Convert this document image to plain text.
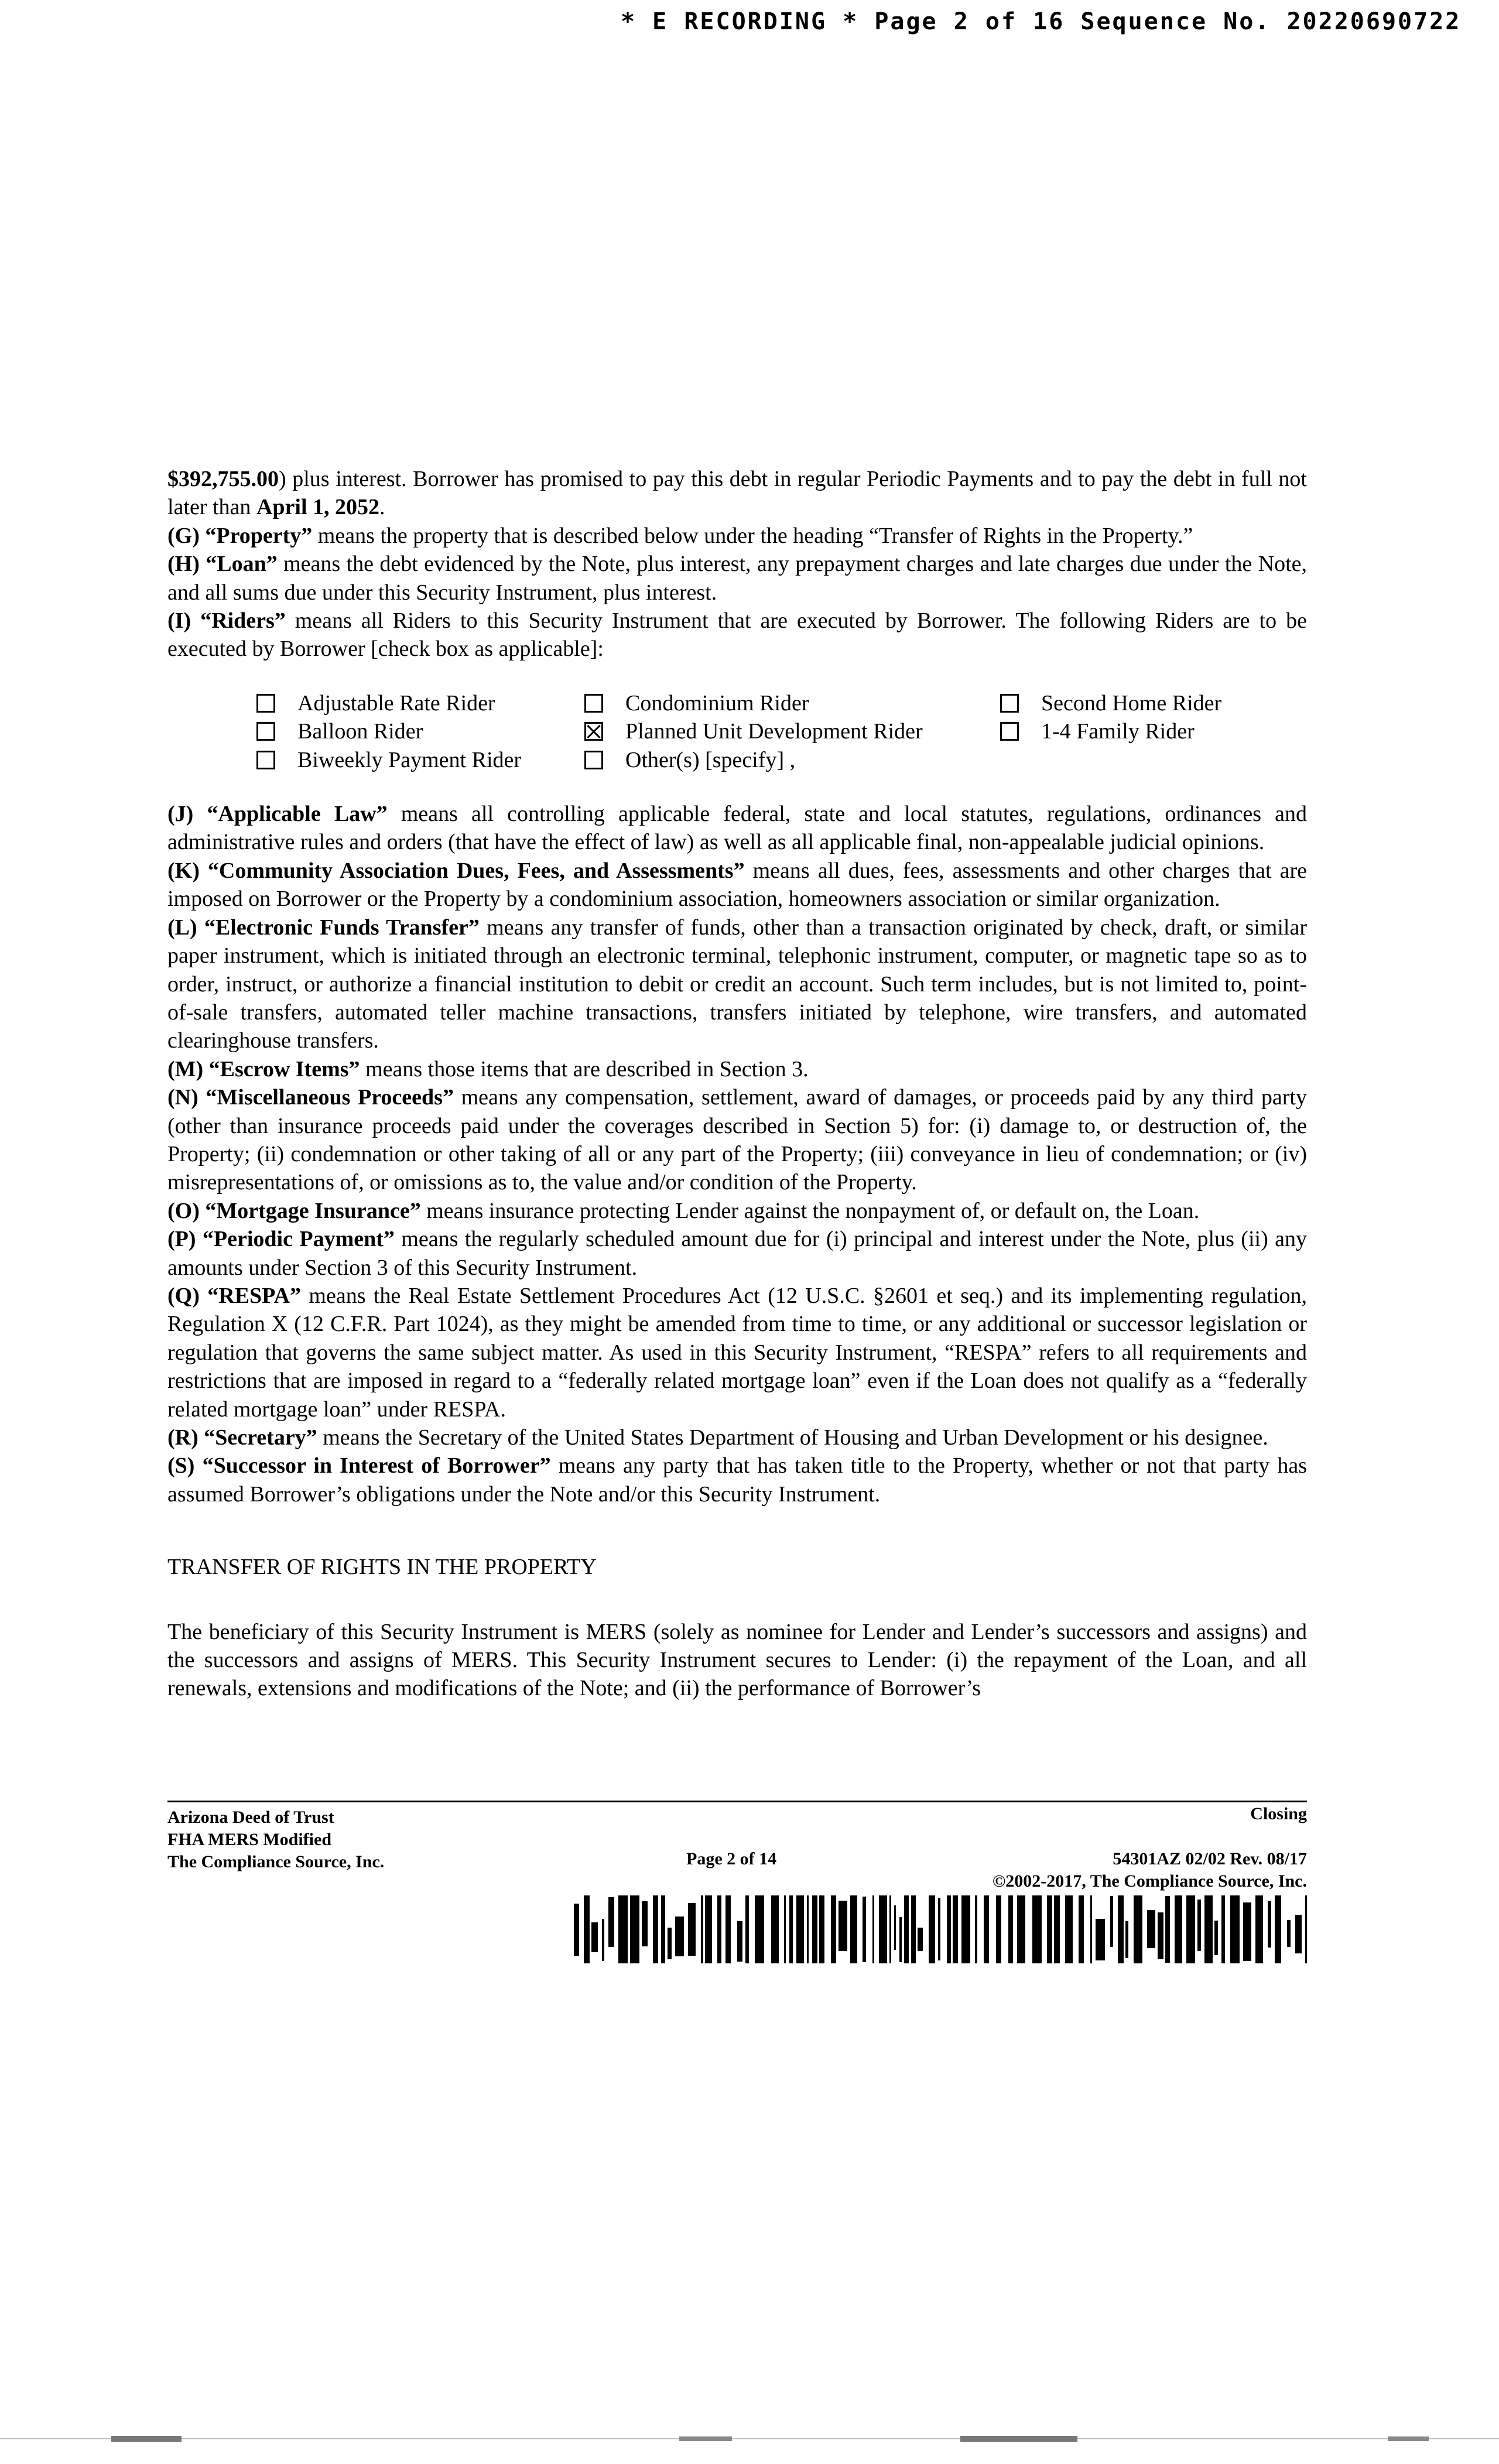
* E RECORDING * Page 2 of 16 Sequence No. 20220690722

$392,755.00) plus interest. Borrower has promised to pay this debt in regular Periodic Payments and to pay the debt in full not later than April 1, 2052.

(G) “Property” means the property that is described below under the heading “Transfer of Rights in the Property.”

(H) “Loan” means the debt evidenced by the Note, plus interest, any prepayment charges and late charges due under the Note, and all sums due under this Security Instrument, plus interest.

(I) “Riders” means all Riders to this Security Instrument that are executed by Borrower. The following Riders are to be executed by Borrower [check box as applicable]:

Adjustable Rate Rider	Condominium Rider	Second Home Rider
Balloon Rider	Planned Unit Development Rider	1-4 Family Rider
Biweekly Payment Rider	Other(s) [specify] ,

(J) “Applicable Law” means all controlling applicable federal, state and local statutes, regulations, ordinances and administrative rules and orders (that have the effect of law) as well as all applicable final, non-appealable judicial opinions.

(K) “Community Association Dues, Fees, and Assessments” means all dues, fees, assessments and other charges that are imposed on Borrower or the Property by a condominium association, homeowners association or similar organization.

(L) “Electronic Funds Transfer” means any transfer of funds, other than a transaction originated by check, draft, or similar paper instrument, which is initiated through an electronic terminal, telephonic instrument, computer, or magnetic tape so as to order, instruct, or authorize a financial institution to debit or credit an account. Such term includes, but is not limited to, point-of-sale transfers, automated teller machine transactions, transfers initiated by telephone, wire transfers, and automated clearinghouse transfers.

(M) “Escrow Items” means those items that are described in Section 3.

(N) “Miscellaneous Proceeds” means any compensation, settlement, award of damages, or proceeds paid by any third party (other than insurance proceeds paid under the coverages described in Section 5) for: (i) damage to, or destruction of, the Property; (ii) condemnation or other taking of all or any part of the Property; (iii) conveyance in lieu of condemnation; or (iv) misrepresentations of, or omissions as to, the value and/or condition of the Property.

(O) “Mortgage Insurance” means insurance protecting Lender against the nonpayment of, or default on, the Loan.

(P) “Periodic Payment” means the regularly scheduled amount due for (i) principal and interest under the Note, plus (ii) any amounts under Section 3 of this Security Instrument.

(Q) “RESPA” means the Real Estate Settlement Procedures Act (12 U.S.C. §2601 et seq.) and its implementing regulation, Regulation X (12 C.F.R. Part 1024), as they might be amended from time to time, or any additional or successor legislation or regulation that governs the same subject matter. As used in this Security Instrument, “RESPA” refers to all requirements and restrictions that are imposed in regard to a “federally related mortgage loan” even if the Loan does not qualify as a “federally related mortgage loan” under RESPA.

(R) “Secretary” means the Secretary of the United States Department of Housing and Urban Development or his designee.

(S) “Successor in Interest of Borrower” means any party that has taken title to the Property, whether or not that party has assumed Borrower’s obligations under the Note and/or this Security Instrument.

TRANSFER OF RIGHTS IN THE PROPERTY

The beneficiary of this Security Instrument is MERS (solely as nominee for Lender and Lender’s successors and assigns) and the successors and assigns of MERS. This Security Instrument secures to Lender: (i) the repayment of the Loan, and all renewals, extensions and modifications of the Note; and (ii) the performance of Borrower’s

Arizona Deed of Trust
FHA MERS Modified
The Compliance Source, Inc.
Closing
Page 2 of 14	54301AZ 02/02 Rev. 08/17
©2002-2017, The Compliance Source, Inc.
